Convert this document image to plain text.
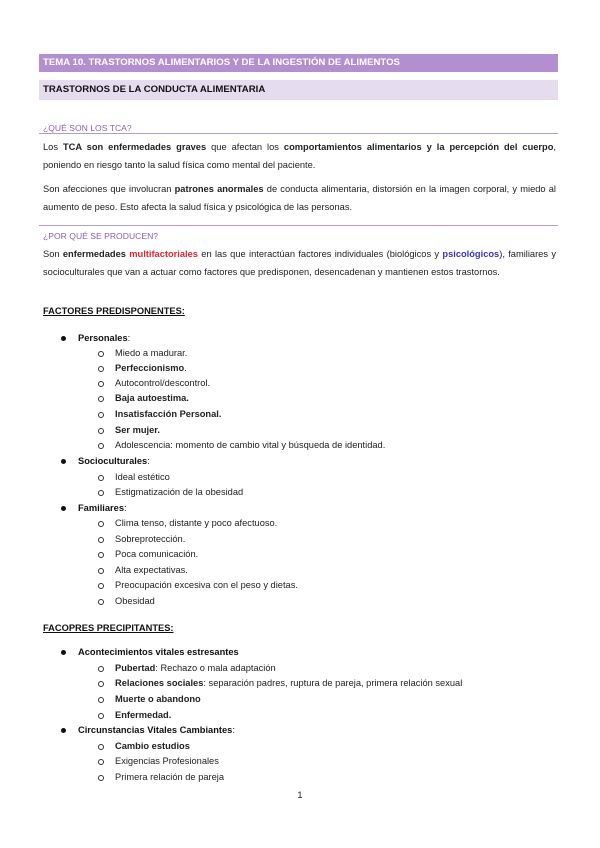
TEMA 10. TRASTORNOS ALIMENTARIOS Y DE LA INGESTIÓN DE ALIMENTOS
TRASTORNOS DE LA CONDUCTA ALIMENTARIA
¿QUÉ SON LOS TCA?
Los TCA son enfermedades graves que afectan los comportamientos alimentarios y la percepción del cuerpo, poniendo en riesgo tanto la salud física como mental del paciente.
Son afecciones que involucran patrones anormales de conducta alimentaria, distorsión en la imagen corporal, y miedo al aumento de peso. Esto afecta la salud física y psicológica de las personas.
¿POR QUÉ SE PRODUCEN?
Son enfermedades multifactoriales en las que interactúan factores individuales (biológicos y psicológicos), familiares y socioculturales que van a actuar como factores que predisponen, desencadenan y mantienen estos trastornos.
FACTORES PREDISPONENTES:
Personales:
Miedo a madurar.
Perfeccionismo.
Autocontrol/descontrol.
Baja autoestima.
Insatisfacción Personal.
Ser mujer.
Adolescencia: momento de cambio vital y búsqueda de identidad.
Socioculturales:
Ideal estético
Estigmatización de la obesidad
Familiares:
Clima tenso, distante y poco afectuoso.
Sobreprotección.
Poca comunicación.
Alta expectativas.
Preocupación excesiva con el peso y dietas.
Obesidad
FACOPRES PRECIPITANTES:
Acontecimientos vitales estresantes
Pubertad: Rechazo o mala adaptación
Relaciones sociales: separación padres, ruptura de pareja, primera relación sexual
Muerte o abandono
Enfermedad.
Circunstancias Vitales Cambiantes:
Cambio estudios
Exigencias Profesionales
Primera relación de pareja
1
